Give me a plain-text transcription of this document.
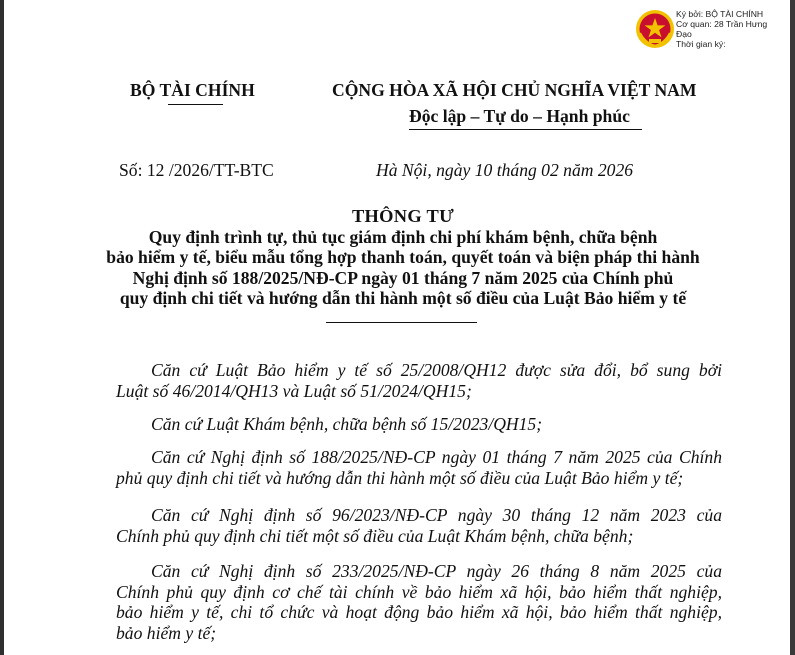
Ký bởi: BỘ TÀI CHÍNH
Cơ quan: 28 Trần Hưng
Đạo
Thời gian ký:
BỘ TÀI CHÍNH	CỘNG HÒA XÃ HỘI CHỦ NGHĨA VIỆT NAM
Độc lập – Tự do – Hạnh phúc
Số: 12 /2026/TT-BTC	Hà Nội, ngày 10 tháng 02 năm 2026
THÔNG TƯ
Quy định trình tự, thủ tục giám định chi phí khám bệnh, chữa bệnh
bảo hiểm y tế, biểu mẫu tổng hợp thanh toán, quyết toán và biện pháp thi hành
Nghị định số 188/2025/NĐ-CP ngày 01 tháng 7 năm 2025 của Chính phủ
quy định chi tiết và hướng dẫn thi hành một số điều của Luật Bảo hiểm y tế
Căn cứ Luật Bảo hiểm y tế số 25/2008/QH12 được sửa đổi, bổ sung bởi
Luật số 46/2014/QH13 và Luật số 51/2024/QH15;
Căn cứ Luật Khám bệnh, chữa bệnh số 15/2023/QH15;
Căn cứ Nghị định số 188/2025/NĐ-CP ngày 01 tháng 7 năm 2025 của Chính
phủ quy định chi tiết và hướng dẫn thi hành một số điều của Luật Bảo hiểm y tế;
Căn cứ Nghị định số 96/2023/NĐ-CP ngày 30 tháng 12 năm 2023 của
Chính phủ quy định chi tiết một số điều của Luật Khám bệnh, chữa bệnh;
Căn cứ Nghị định số 233/2025/NĐ-CP ngày 26 tháng 8 năm 2025 của
Chính phủ quy định cơ chế tài chính về bảo hiểm xã hội, bảo hiểm thất nghiệp,
bảo hiểm y tế, chi tổ chức và hoạt động bảo hiểm xã hội, bảo hiểm thất nghiệp,
bảo hiểm y tế;
